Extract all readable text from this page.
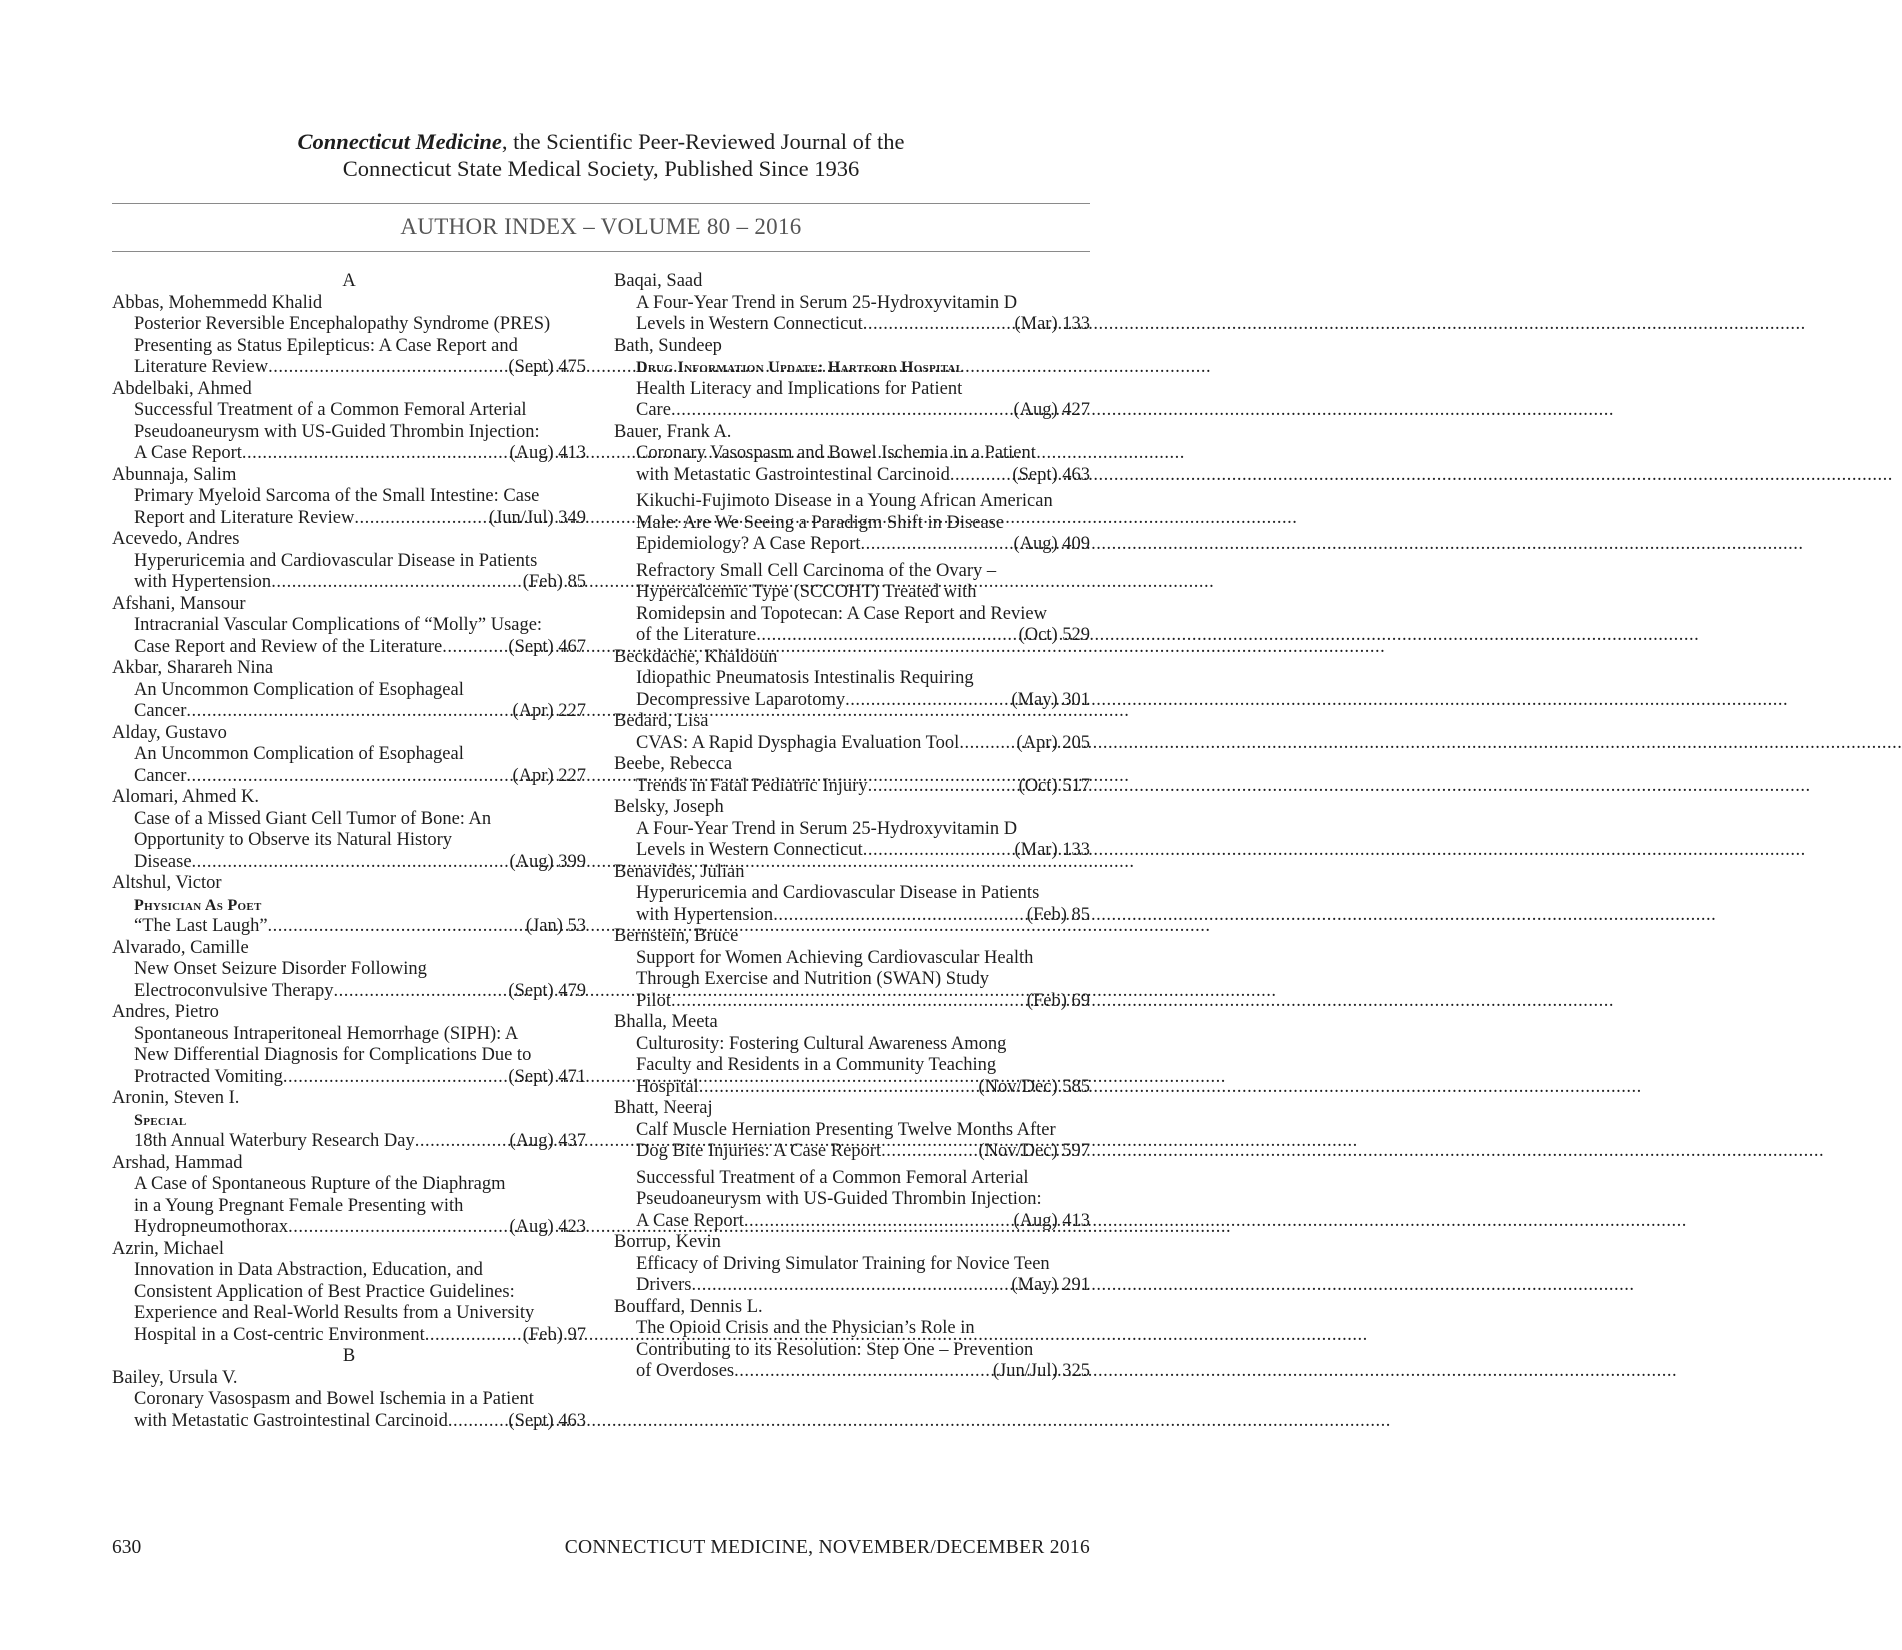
Connecticut Medicine, the Scientific Peer-Reviewed Journal of the
Connecticut State Medical Society, Published Since 1936
AUTHOR INDEX – VOLUME 80 – 2016
A
Abbas, Mohemmedd Khalid
Posterior Reversible Encephalopathy Syndrome (PRES)
Presenting as Status Epilepticus: A Case Report and
Literature Review .....	(Sept) 475
Abdelbaki, Ahmed
Successful Treatment of a Common Femoral Arterial
Pseudoaneurysm with US-Guided Thrombin Injection:
A Case Report .....	(Aug) 413
Abunnaja, Salim
Primary Myeloid Sarcoma of the Small Intestine: Case
Report and Literature Review .....	(Jun/Jul) 349
Acevedo, Andres
Hyperuricemia and Cardiovascular Disease in Patients
with Hypertension .....	(Feb) 85
Afshani, Mansour
Intracranial Vascular Complications of “Molly” Usage:
Case Report and Review of the Literature .....	(Sept) 467
Akbar, Sharareh Nina
An Uncommon Complication of Esophageal
Cancer .....	(Apr) 227
Alday, Gustavo
An Uncommon Complication of Esophageal
Cancer .....	(Apr) 227
Alomari, Ahmed K.
Case of a Missed Giant Cell Tumor of Bone: An
Opportunity to Observe its Natural History
Disease .....	(Aug) 399
Altshul, Victor
Physician As Poet
“The Last Laugh” .....	(Jan) 53
Alvarado, Camille
New Onset Seizure Disorder Following
Electroconvulsive Therapy .....	(Sept) 479
Andres, Pietro
Spontaneous Intraperitoneal Hemorrhage (SIPH): A
New Differential Diagnosis for Complications Due to
Protracted Vomiting .....	(Sept) 471
Aronin, Steven I.
Special
18th Annual Waterbury Research Day .....	(Aug) 437
Arshad, Hammad
A Case of Spontaneous Rupture of the Diaphragm
in a Young Pregnant Female Presenting with
Hydropneumothorax .....	(Aug) 423
Azrin, Michael
Innovation in Data Abstraction, Education, and
Consistent Application of Best Practice Guidelines:
Experience and Real-World Results from a University
Hospital in a Cost-centric Environment .....	(Feb) 97
B
Bailey, Ursula V.
Coronary Vasospasm and Bowel Ischemia in a Patient
with Metastatic Gastrointestinal Carcinoid .....	(Sept) 463
Baqai, Saad
A Four-Year Trend in Serum 25-Hydroxyvitamin D
Levels in Western Connecticut .....	(Mar) 133
Bath, Sundeep
Drug Information Update: Hartford Hospital
Health Literacy and Implications for Patient
Care .....	(Aug) 427
Bauer, Frank A.
Coronary Vasospasm and Bowel Ischemia in a Patient
with Metastatic Gastrointestinal Carcinoid .....	(Sept) 463
Kikuchi-Fujimoto Disease in a Young African American
Male: Are We Seeing a Paradigm Shift in Disease
Epidemiology? A Case Report .....	(Aug) 409
Refractory Small Cell Carcinoma of the Ovary –
Hypercalcemic Type (SCCOHT) Treated with
Romidepsin and Topotecan: A Case Report and Review
of the Literature .....	(Oct) 529
Beckdache, Khaldoun
Idiopathic Pneumatosis Intestinalis Requiring
Decompressive Laparotomy .....	(May) 301
Bedard, Lisa
CVAS: A Rapid Dysphagia Evaluation Tool .....	(Apr) 205
Beebe, Rebecca
Trends in Fatal Pediatric Injury .....	(Oct) 517
Belsky, Joseph
A Four-Year Trend in Serum 25-Hydroxyvitamin D
Levels in Western Connecticut .....	(Mar) 133
Benavides, Julian
Hyperuricemia and Cardiovascular Disease in Patients
with Hypertension .....	(Feb) 85
Bernstein, Bruce
Support for Women Achieving Cardiovascular Health
Through Exercise and Nutrition (SWAN) Study
Pilot .....	(Feb) 69
Bhalla, Meeta
Culturosity: Fostering Cultural Awareness Among
Faculty and Residents in a Community Teaching
Hospital .....	(Nov/Dec) 585
Bhatt, Neeraj
Calf Muscle Herniation Presenting Twelve Months After
Dog Bite Injuries: A Case Report .....	(Nov/Dec) 597
Successful Treatment of a Common Femoral Arterial
Pseudoaneurysm with US-Guided Thrombin Injection:
A Case Report .....	(Aug) 413
Borrup, Kevin
Efficacy of Driving Simulator Training for Novice Teen
Drivers .....	(May) 291
Bouffard, Dennis L.
The Opioid Crisis and the Physician’s Role in
Contributing to its Resolution: Step One – Prevention
of Overdoses .....	(Jun/Jul) 325
630	CONNECTICUT MEDICINE, NOVEMBER/DECEMBER 2016
